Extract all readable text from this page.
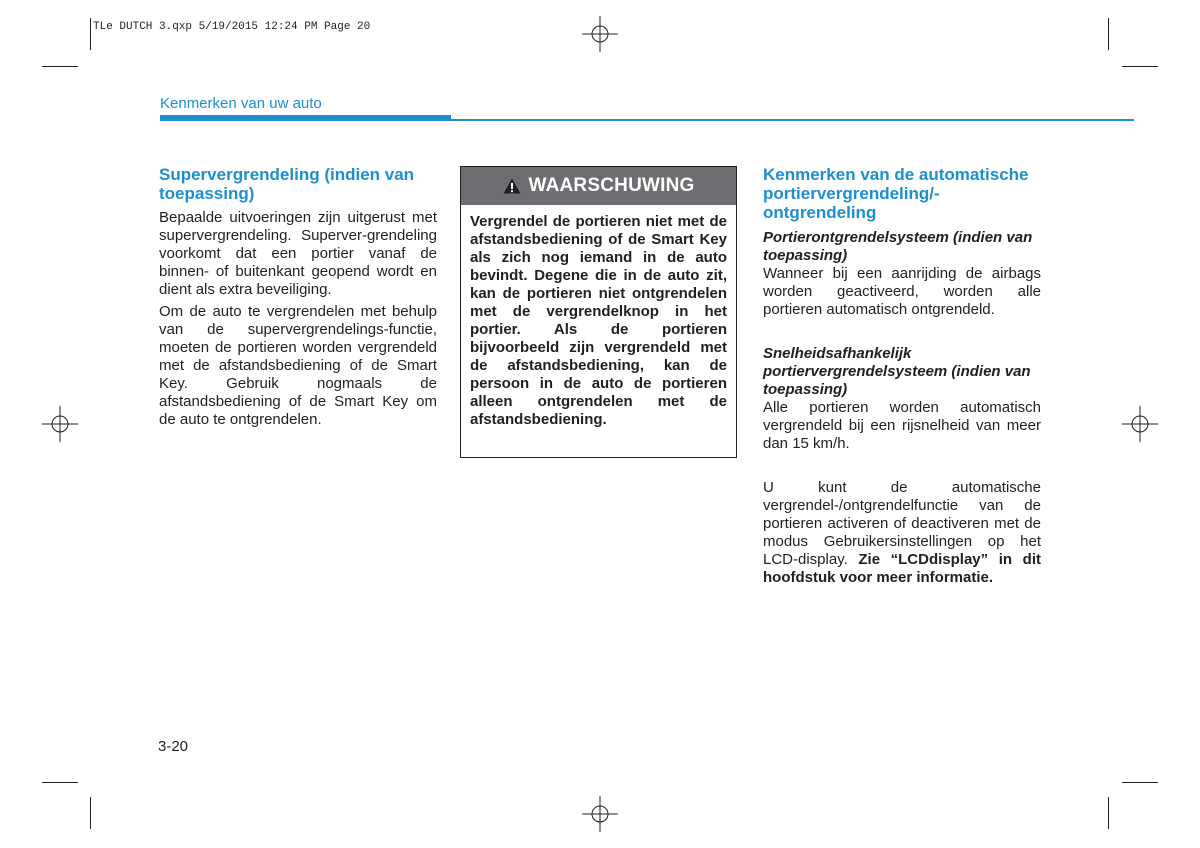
TLe DUTCH 3.qxp 5/19/2015 12:24 PM Page 20
Kenmerken van uw auto
Supervergrendeling (indien van toepassing)

Bepaalde uitvoeringen zijn uitgerust met supervergrendeling. Superver-grendeling voorkomt dat een portier vanaf de binnen- of buitenkant geopend wordt en dient als extra beveiliging.

Om de auto te vergrendelen met behulp van de supervergrendelings-functie, moeten de portieren worden vergrendeld met de afstandsbediening of de Smart Key. Gebruik nogmaals de afstandsbediening of de Smart Key om de auto te ontgrendelen.

WAARSCHUWING
Vergrendel de portieren niet met de afstandsbediening of de Smart Key als zich nog iemand in de auto bevindt. Degene die in de auto zit, kan de portieren niet ontgrendelen met de vergrendelknop in het portier. Als de portieren bijvoorbeeld zijn vergrendeld met de afstandsbediening, kan de persoon in de auto de portieren alleen ontgrendelen met de afstandsbediening.
Kenmerken van de automatische portiervergrendeling/-ontgrendeling
Portierontgrendelsysteem (indien van toepassing)

Wanneer bij een aanrijding de airbags worden geactiveerd, worden alle portieren automatisch ontgrendeld.

Snelheidsafhankelijk portiervergrendelsysteem (indien van toepassing)

Alle portieren worden automatisch vergrendeld bij een rijsnelheid van meer dan 15 km/h.

U kunt de automatische vergrendel-/ontgrendelfunctie van de portieren activeren of deactiveren met de modus Gebruikersinstellingen op het LCD-display. Zie “LCDdisplay” in dit hoofdstuk voor meer informatie.

3-20
